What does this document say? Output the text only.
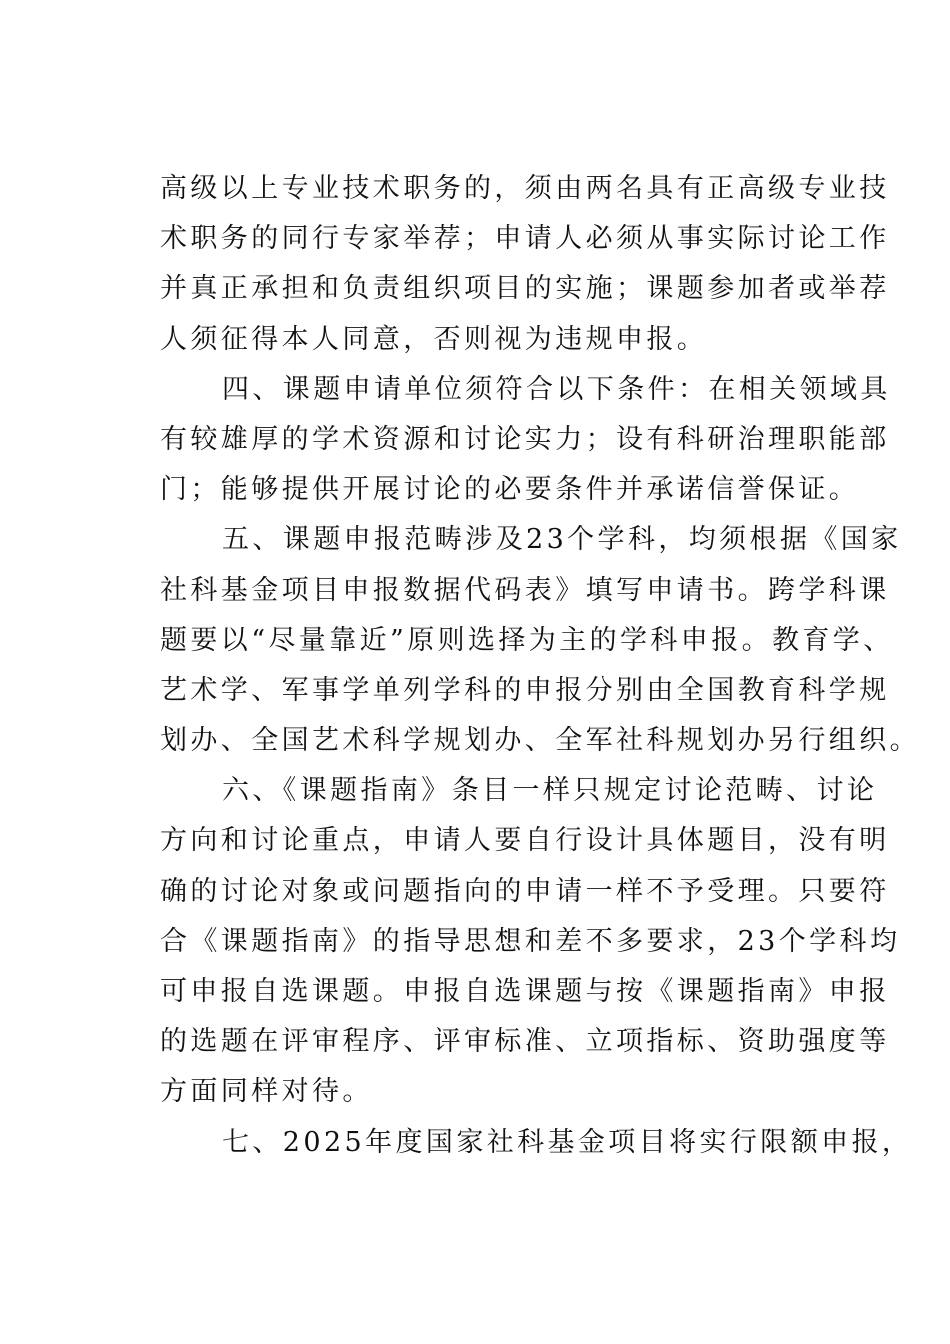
高级以上专业技术职务的，须由两名具有正高级专业技
术职务的同行专家举荐；申请人必须从事实际讨论工作
并真正承担和负责组织项目的实施；课题参加者或举荐
人须征得本人同意，否则视为违规申报。
四、课题申请单位须符合以下条件：在相关领域具
有较雄厚的学术资源和讨论实力；设有科研治理职能部
门；能够提供开展讨论的必要条件并承诺信誉保证。
五、课题申报范畴涉及23个学科，均须根据《国家
社科基金项目申报数据代码表》填写申请书。跨学科课
题要以“尽量靠近”原则选择为主的学科申报。教育学、
艺术学、军事学单列学科的申报分别由全国教育科学规
划办、全国艺术科学规划办、全军社科规划办另行组织。
六、《课题指南》条目一样只规定讨论范畴、讨论
方向和讨论重点，申请人要自行设计具体题目，没有明
确的讨论对象或问题指向的申请一样不予受理。只要符
合《课题指南》的指导思想和差不多要求，23个学科均
可申报自选课题。申报自选课题与按《课题指南》申报
的选题在评审程序、评审标准、立项指标、资助强度等
方面同样对待。
七、2025年度国家社科基金项目将实行限额申报，
